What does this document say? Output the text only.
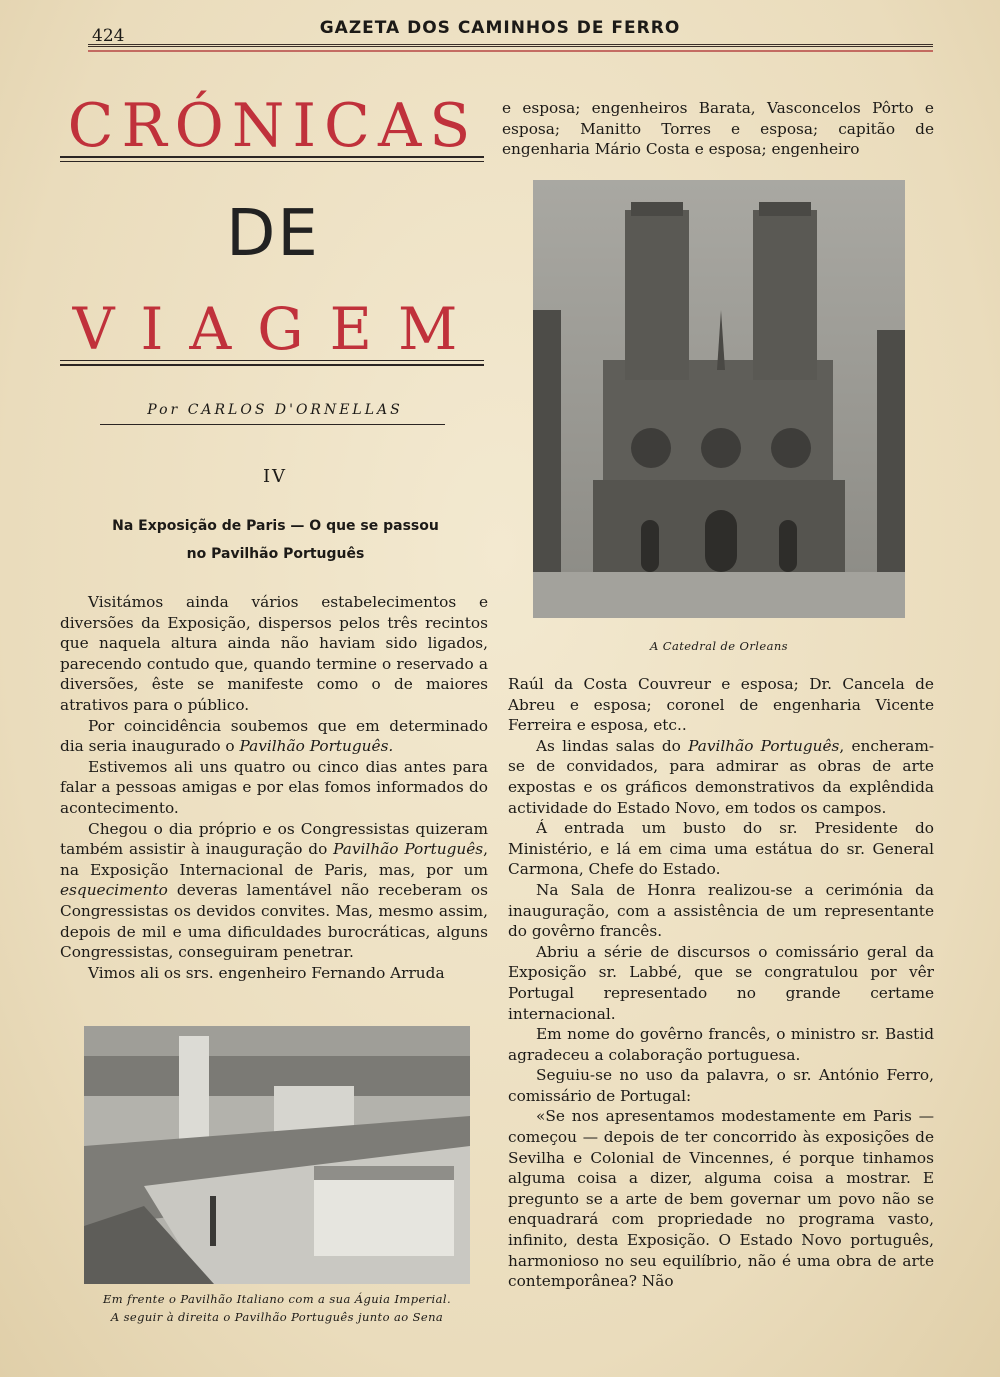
424	GAZETA DOS CAMINHOS DE FERRO
CRÓNICAS
DE
VIAGEM
Por CARLOS D'ORNELLAS
IV
Na Exposição de Paris — O que se passou
no Pavilhão Português

Visitámos ainda vários estabelecimentos e diversões da Exposição, dispersos pelos três recintos que naquela altura ainda não haviam sido ligados, parecendo contudo que, quando termine o reservado a diversões, êste se manifeste como o de maiores atrativos para o público.

Por coincidência soubemos que em determinado dia seria inaugurado o Pavilhão Português.

Estivemos ali uns quatro ou cinco dias antes para falar a pessoas amigas e por elas fomos informados do acontecimento.

Chegou o dia próprio e os Congressistas quizeram também assistir à inauguração do Pavilhão Português, na Exposição Internacional de Paris, mas, por um esquecimento deveras lamentável não receberam os Congressistas os devidos convites. Mas, mesmo assim, depois de mil e uma dificuldades burocráticas, alguns Congressistas, conseguiram penetrar.

Vimos ali os srs. engenheiro Fernando Arruda

e esposa; engenheiros Barata, Vasconcelos Pôrto e esposa; Manitto Torres e esposa; capitão de engenharia Mário Costa e esposa; engenheiro

A Catedral de Orleans

Raúl da Costa Couvreur e esposa; Dr. Cancela de Abreu e esposa; coronel de engenharia Vicente Ferreira e esposa, etc..

As lindas salas do Pavilhão Português, encheram-se de convidados, para admirar as obras de arte expostas e os gráficos demonstrativos da explêndida actividade do Estado Novo, em todos os campos.

Á entrada um busto do sr. Presidente do Ministério, e lá em cima uma estátua do sr. General Carmona, Chefe do Estado.

Na Sala de Honra realizou-se a cerimónia da inauguração, com a assistência de um representante do govêrno francês.

Abriu a série de discursos o comissário geral da Exposição sr. Labbé, que se congratulou por vêr Portugal representado no grande certame internacional.

Em nome do govêrno francês, o ministro sr. Bastid agradeceu a colaboração portuguesa.

Seguiu-se no uso da palavra, o sr. António Ferro, comissário de Portugal:

«Se nos apresentamos modestamente em Paris — começou — depois de ter concorrido às exposições de Sevilha e Colonial de Vincennes, é porque tinhamos alguma coisa a dizer, alguma coisa a mostrar. E pregunto se a arte de bem governar um povo não se enquadrará com propriedade no programa vasto, infinito, desta Exposição. O Estado Novo português, harmonioso no seu equilíbrio, não é uma obra de arte contemporânea? Não

Em frente o Pavilhão Italiano com a sua Águia Imperial.
A seguir à direita o Pavilhão Português junto ao Sena
